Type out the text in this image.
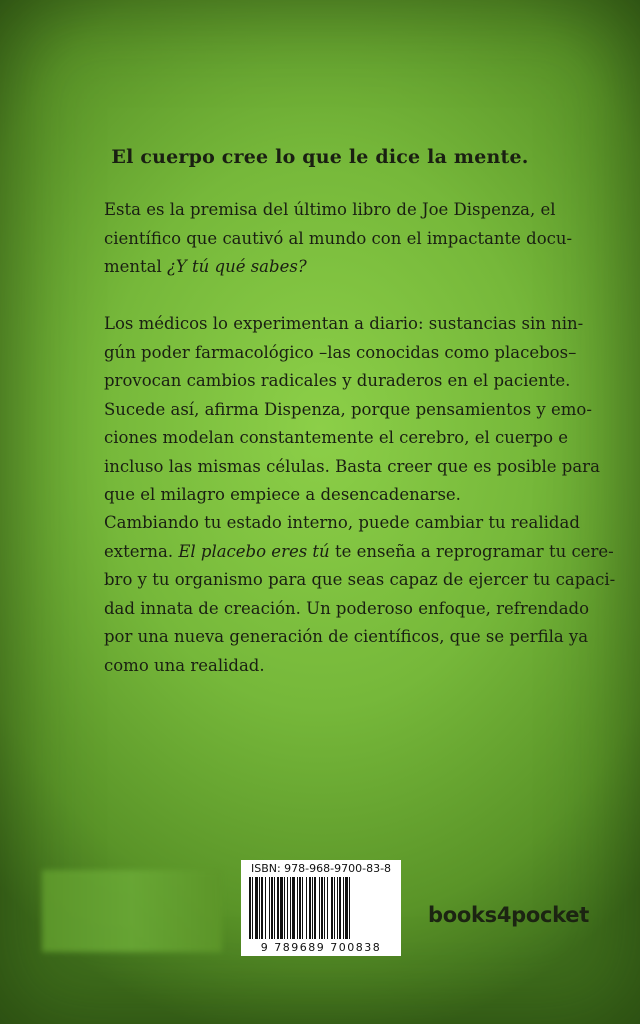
El cuerpo cree lo que le dice la mente.
Esta es la premisa del último libro de Joe Dispenza, el
científico que cautivó al mundo con el impactante docu-
mental ¿Y tú qué sabes?
Los médicos lo experimentan a diario: sustancias sin nin-
gún poder farmacológico –las conocidas como placebos–
provocan cambios radicales y duraderos en el paciente.
Sucede así, afirma Dispenza, porque pensamientos y emo-
ciones modelan constantemente el cerebro, el cuerpo e
incluso las mismas células. Basta creer que es posible para
que el milagro empiece a desencadenarse.
Cambiando tu estado interno, puede cambiar tu realidad
externa. El placebo eres tú te enseña a reprogramar tu cere-
bro y tu organismo para que seas capaz de ejercer tu capaci-
dad innata de creación. Un poderoso enfoque, refrendado
por una nueva generación de científicos, que se perfila ya
como una realidad.
ISBN: 978-968-9700-83-8
9 789689 700838
books4pocket
